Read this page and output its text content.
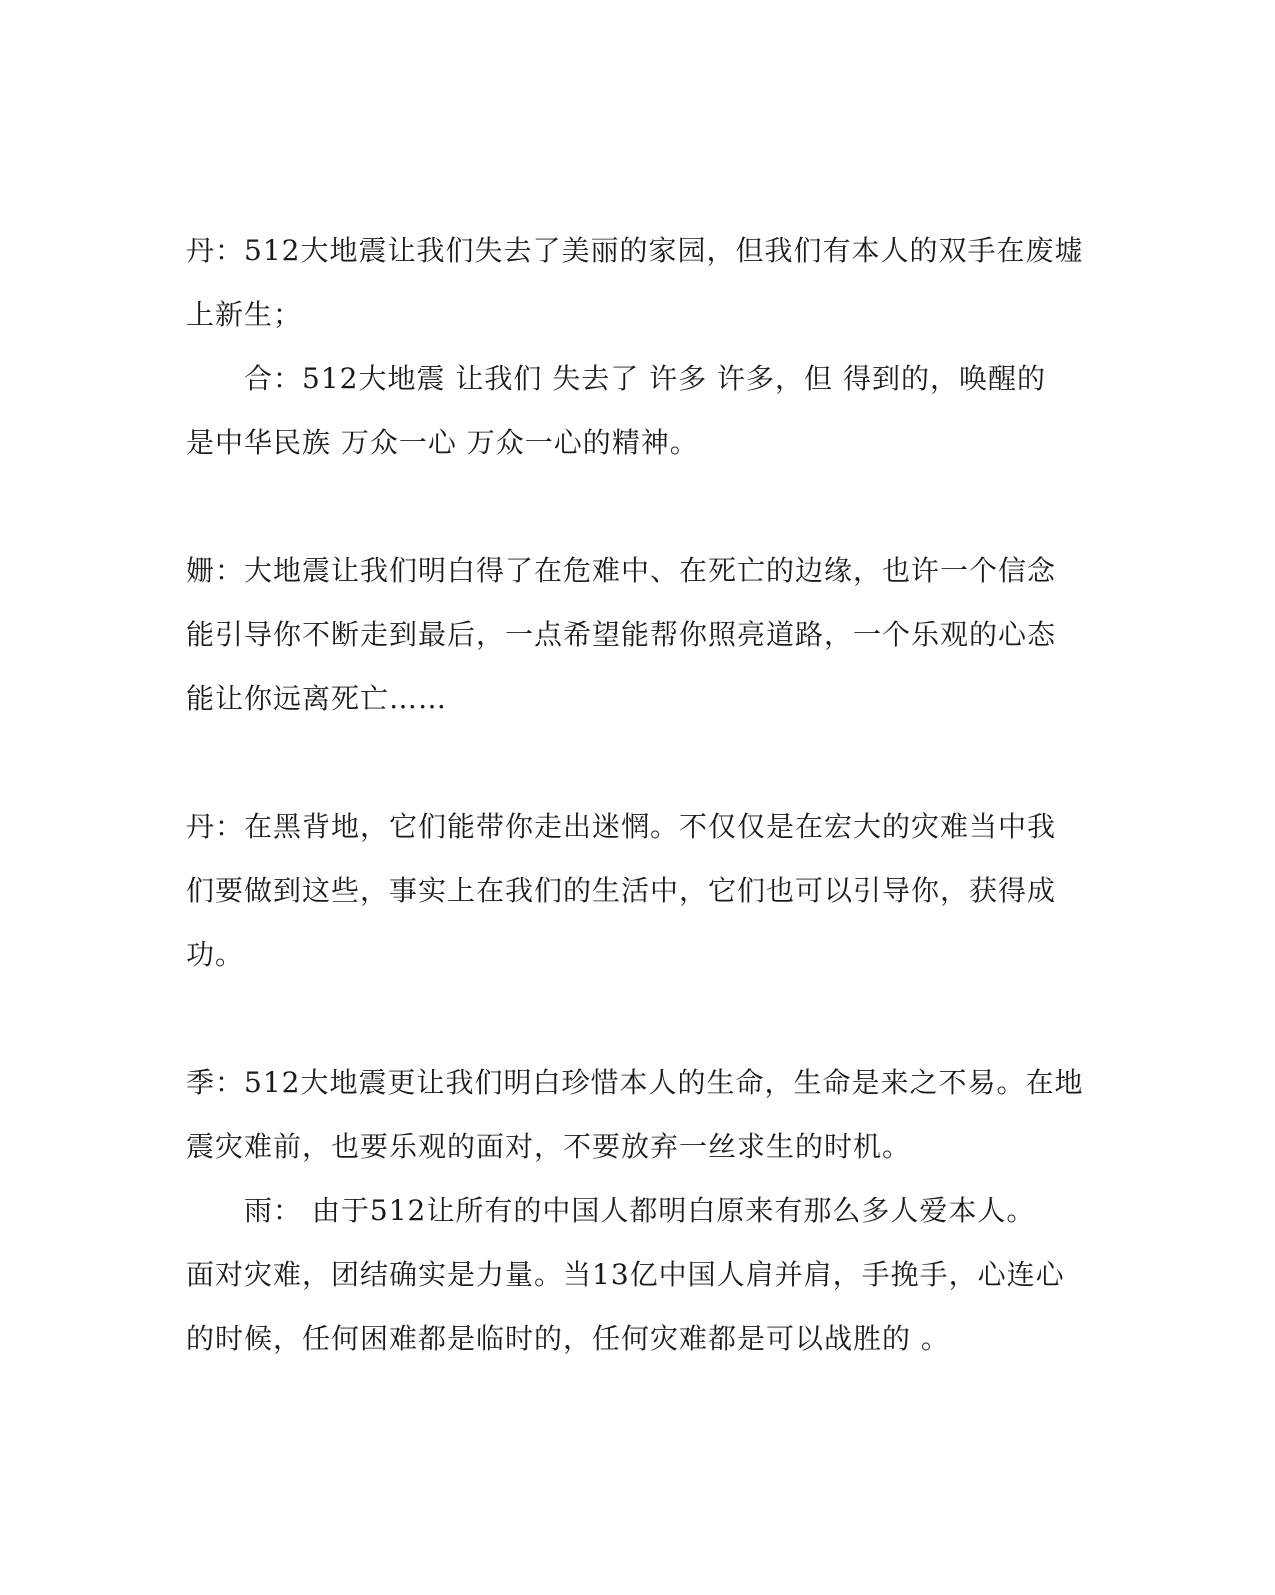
丹：512大地震让我们失去了美丽的家园，但我们有本人的双手在废墟
上新生；
合：512大地震 让我们 失去了 许多 许多，但 得到的，唤醒的
是中华民族 万众一心 万众一心的精神。
姗：大地震让我们明白得了在危难中、在死亡的边缘，也许一个信念
能引导你不断走到最后，一点希望能帮你照亮道路，一个乐观的心态
能让你远离死亡……
丹：在黑背地，它们能带你走出迷惘。不仅仅是在宏大的灾难当中我
们要做到这些，事实上在我们的生活中，它们也可以引导你，获得成
功。
季：512大地震更让我们明白珍惜本人的生命，生命是来之不易。在地
震灾难前，也要乐观的面对，不要放弃一丝求生的时机。
雨： 由于512让所有的中国人都明白原来有那么多人爱本人。
面对灾难，团结确实是力量。当13亿中国人肩并肩，手挽手，心连心
的时候，任何困难都是临时的，任何灾难都是可以战胜的 。
